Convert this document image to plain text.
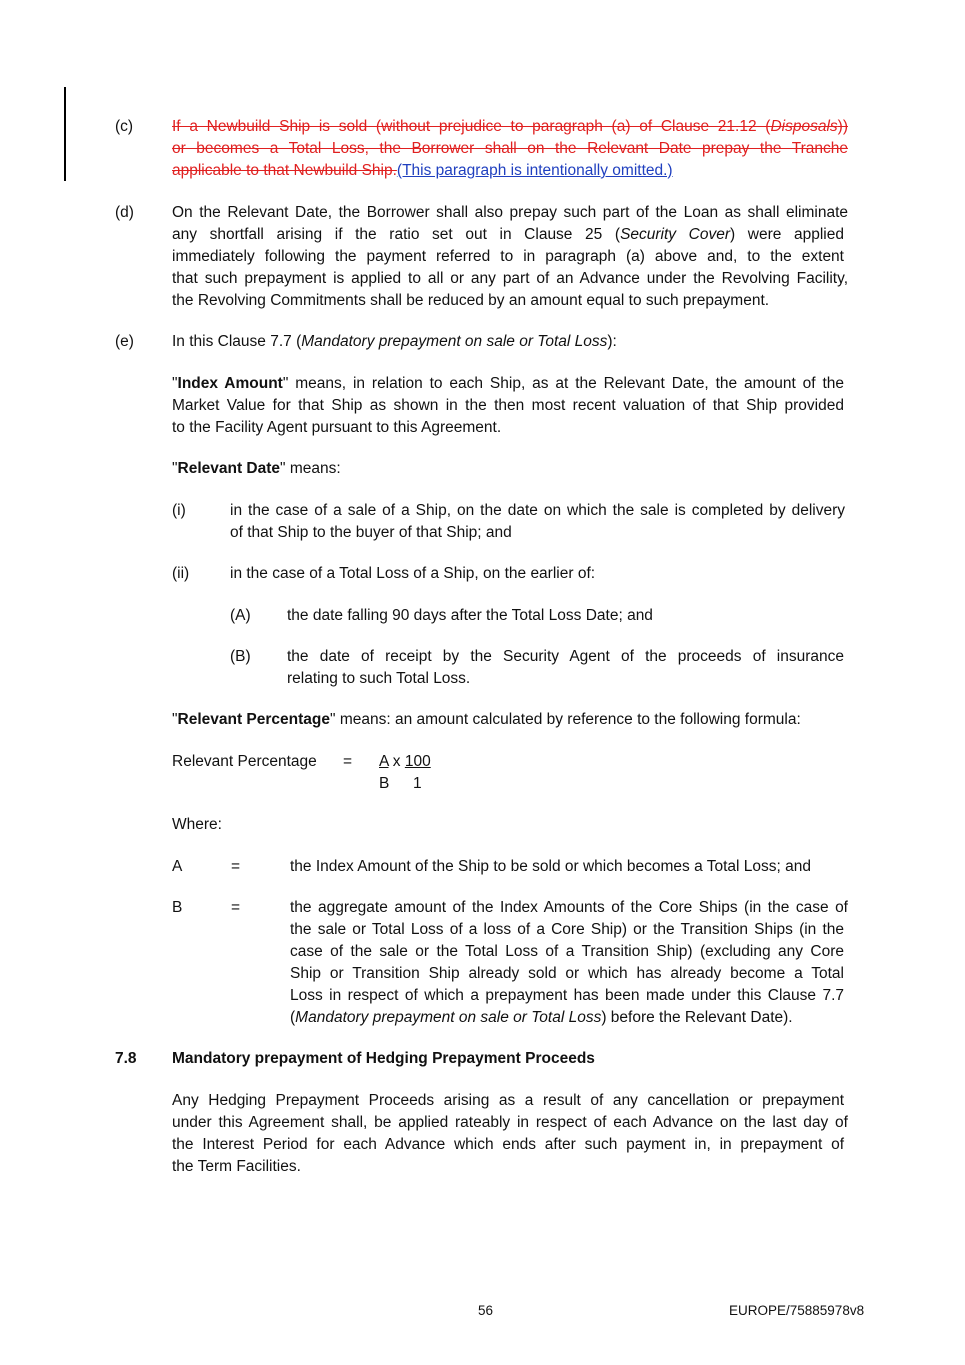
(c)	If a Newbuild Ship is sold (without prejudice to paragraph (a) of Clause 21.12 (Disposals))
or becomes a Total Loss, the Borrower shall on the Relevant Date prepay the Tranche
applicable to that Newbuild Ship.(This paragraph is intentionally omitted.)
(d) On the Relevant Date, the Borrower shall also prepay such part of the Loan as shall eliminate
any shortfall arising if the ratio set out in Clause 25 (Security Cover) were applied
immediately following the payment referred to in paragraph (a) above and, to the extent
that such prepayment is applied to all or any part of an Advance under the Revolving Facility,
the Revolving Commitments shall be reduced by an amount equal to such prepayment.
(e) In this Clause 7.7 (Mandatory prepayment on sale or Total Loss):
"Index Amount" means, in relation to each Ship, as at the Relevant Date, the amount of the
Market Value for that Ship as shown in the then most recent valuation of that Ship provided
to the Facility Agent pursuant to this Agreement.
"Relevant Date" means:
(i)	in the case of a sale of a Ship, on the date on which the sale is completed by delivery
of that Ship to the buyer of that Ship; and
(ii)	in the case of a Total Loss of a Ship, on the earlier of:
(A) the date falling 90 days after the Total Loss Date; and
(B) the date of receipt by the Security Agent of the proceeds of insurance
relating to such Total Loss.
"Relevant Percentage" means: an amount calculated by reference to the following formula:
Relevant Percentage = A x 100
B 1
Where:
A	=	the Index Amount of the Ship to be sold or which becomes a Total Loss; and
B	=	the aggregate amount of the Index Amounts of the Core Ships (in the case of
the sale or Total Loss of a loss of a Core Ship) or the Transition Ships (in the
case of the sale or the Total Loss of a Transition Ship) (excluding any Core
Ship or Transition Ship already sold or which has already become a Total
Loss in respect of which a prepayment has been made under this Clause 7.7
(Mandatory prepayment on sale or Total Loss) before the Relevant Date).
7.8 Mandatory prepayment of Hedging Prepayment Proceeds
Any Hedging Prepayment Proceeds arising as a result of any cancellation or prepayment
under this Agreement shall, be applied rateably in respect of each Advance on the last day of
the Interest Period for each Advance which ends after such payment in, in prepayment of
the Term Facilities.
56	EUROPE/75885978v8
